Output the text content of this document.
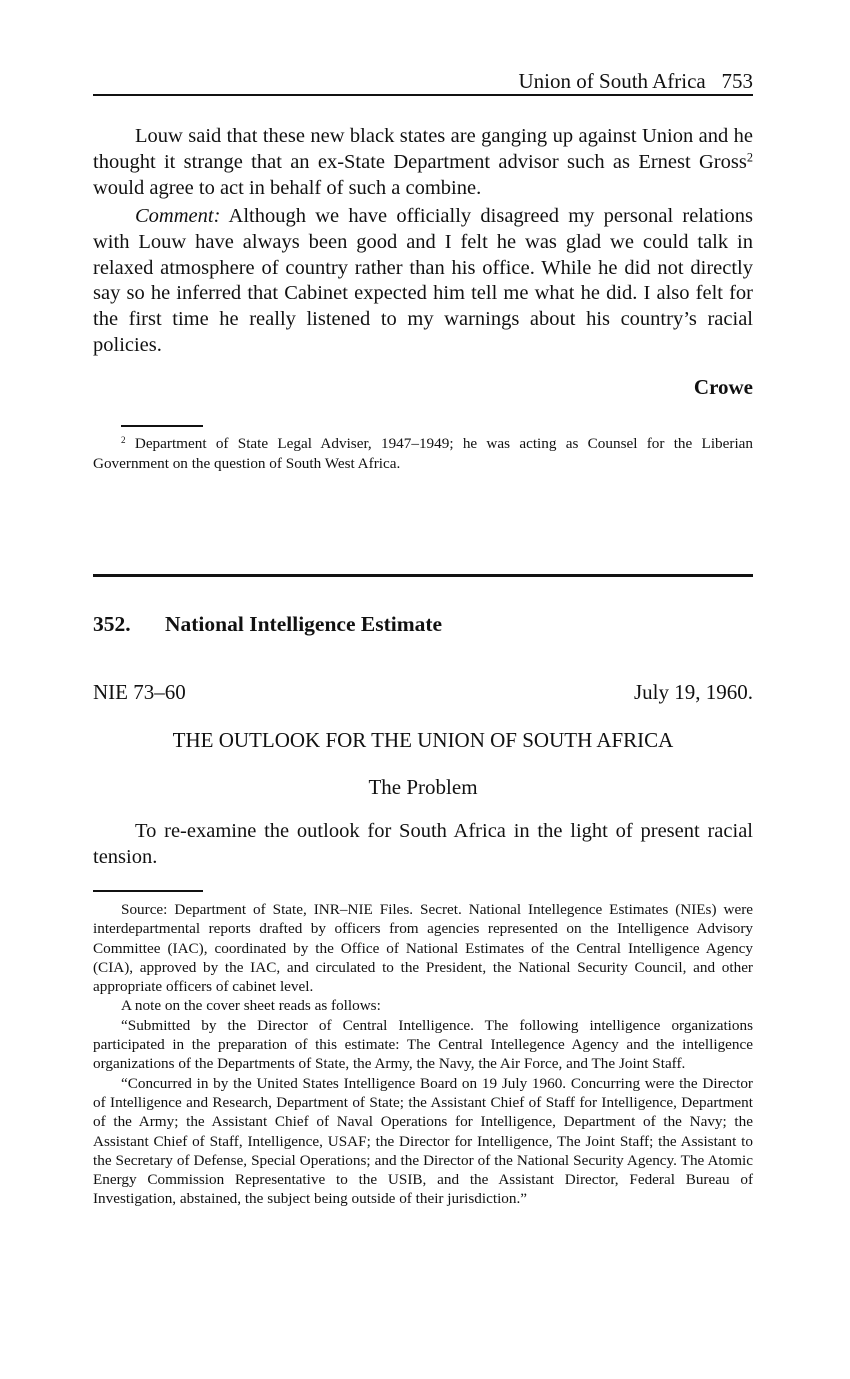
Union of South Africa 753

Louw said that these new black states are ganging up against Union and he thought it strange that an ex-State Department advisor such as Ernest Gross$^2$ would agree to act in behalf of such a combine.

Comment: Although we have officially disagreed my personal relations with Louw have always been good and I felt he was glad we could talk in relaxed atmosphere of country rather than his office. While he did not directly say so he inferred that Cabinet expected him tell me what he did. I also felt for the first time he really listened to my warnings about his country’s racial policies.

Crowe

$^2$ Department of State Legal Adviser, 1947–1949; he was acting as Counsel for the Liberian Government on the question of South West Africa.

352. National Intelligence Estimate
NIE 73–60	July 19, 1960.
THE OUTLOOK FOR THE UNION OF SOUTH AFRICA
The Problem

To re-examine the outlook for South Africa in the light of present racial tension.

Source: Department of State, INR–NIE Files. Secret. National Intellegence Estimates (NIEs) were interdepartmental reports drafted by officers from agencies represented on the Intelligence Advisory Committee (IAC), coordinated by the Office of National Estimates of the Central Intelligence Agency (CIA), approved by the IAC, and circulated to the President, the National Security Council, and other appropriate officers of cabinet level.

A note on the cover sheet reads as follows:

“Submitted by the Director of Central Intelligence. The following intelligence organizations participated in the preparation of this estimate: The Central Intellegence Agency and the intelligence organizations of the Departments of State, the Army, the Navy, the Air Force, and The Joint Staff.

“Concurred in by the United States Intelligence Board on 19 July 1960. Concurring were the Director of Intelligence and Research, Department of State; the Assistant Chief of Staff for Intelligence, Department of the Army; the Assistant Chief of Naval Operations for Intelligence, Department of the Navy; the Assistant Chief of Staff, Intelligence, USAF; the Director for Intelligence, The Joint Staff; the Assistant to the Secretary of Defense, Special Operations; and the Director of the National Security Agency. The Atomic Energy Commission Representative to the USIB, and the Assistant Director, Federal Bureau of Investigation, abstained, the subject being outside of their jurisdiction.”
